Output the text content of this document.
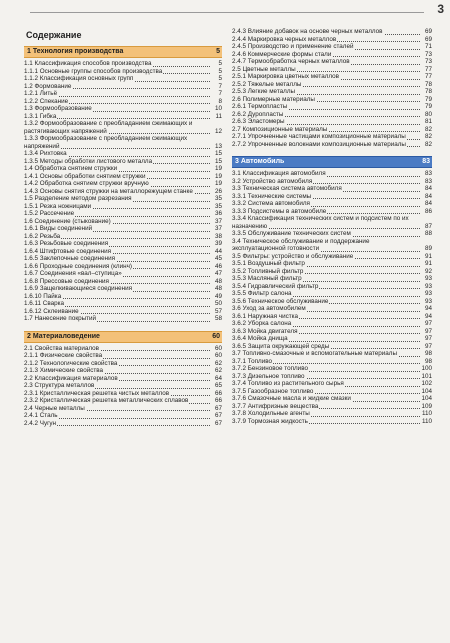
3
Содержание
1 Технология производства	5
1.1 Классификация способов производства	5
1.1.1 Основные группы способов производства	5
1.1.2 Классификация основных групп	5
1.2 Формование	7
1.2.1 Литьё	7
1.2.2 Спекание	8
1.3 Формообразование	10
1.3.1 Гибка	11
1.3.2 Формообразование с преобладанием сжимающих и растягивающих напряжений	12
1.3.3 Формообразование с преобладанием сжимающих напряжений	13
1.3.4 Рихтовка	15
1.3.5 Методы обработки листового металла	15
1.4 Обработка снятием стружки	19
1.4.1 Основы обработки снятием стружки	19
1.4.2 Обработка снятием стружки вручную	19
1.4.3 Основы снятия стружки на металлорежущем станке	26
1.5 Разделение методом разрезания	35
1.5.1 Резка ножницами	35
1.5.2 Рассечение	36
1.6 Соединение (стыкование)	37
1.6.1 Виды соединений	37
1.6.2 Резьба	38
1.6.3 Резьбовые соединения	39
1.6.4 Штифтовые соединения	44
1.6.5 Заклепочные соединения	45
1.6.6 Проходные соединения (клинч)	46
1.6.7 Соединения «вал–ступица»	47
1.6.8 Прессовые соединения	48
1.6.9 Защелкивающиеся соединения	48
1.6.10 Пайка	49
1.6.11 Сварка	50
1.6.12 Склеивание	57
1.7 Нанесение покрытий	58
2 Материаловедение	60
2.1 Свойства материалов	60
2.1.1 Физические свойства	60
2.1.2 Технологические свойства	62
2.1.3 Химические свойства	62
2.2 Классификация материалов	64
2.3 Структура металлов	65
2.3.1 Кристаллическая решетка чистых металлов	66
2.3.2 Кристаллическая решетка металлических сплавов	66
2.4 Черные металлы	67
2.4.1 Сталь	67
2.4.2 Чугун	67
2.4.3 Влияние добавок на основе черных металлов	69
2.4.4 Маркировка черных металлов	69
2.4.5 Производство и применение сталей	71
2.4.6 Коммерческие формы стали	73
2.4.7 Термообработка черных металлов	73
2.5 Цветные металлы	77
2.5.1 Маркировка цветных металлов	77
2.5.2 Тяжелые металлы	78
2.5.3 Легкие металлы	78
2.6 Полимерные материалы	79
2.6.1 Термопласты	79
2.6.2 Дуропласты	80
2.6.3 Эластомеры	81
2.7 Композиционные материалы	82
2.7.1 Упрочненные частицами композиционные материалы	82
2.7.2 Упрочненные волокнами композиционные материалы	82
3 Автомобиль	83
3.1 Классификация автомобиля	83
3.2 Устройство автомобиля	83
3.3 Техническая система автомобиля	84
3.3.1 Технические системы	84
3.3.2 Система автомобиля	84
3.3.3 Подсистемы в автомобиле	86
3.3.4 Классификация технических систем и подсистем по их назначению	87
3.3.5 Обслуживание технических систем	88
3.4 Техническое обслуживание и поддержание эксплуатационной готовности	89
3.5 Фильтры: устройство и обслуживание	91
3.5.1 Воздушный фильтр	91
3.5.2 Топливный фильтр	92
3.5.3 Масляный фильтр	93
3.5.4 Гидравлический фильтр	93
3.5.5 Фильтр салона	93
3.5.6 Техническое обслуживание	93
3.6 Уход за автомобилем	94
3.6.1 Наружная чистка	94
3.6.2 Уборка салона	97
3.6.3 Мойка двигателя	97
3.6.4 Мойка днища	97
3.6.5 Защита окружающей среды	97
3.7 Топливно-смазочные и вспомогательные материалы	98
3.7.1 Топливо	98
3.7.2 Бензиновое топливо	100
3.7.3 Дизельное топливо	101
3.7.4 Топливо из растительного сырья	102
3.7.5 Газообразное топливо	104
3.7.6 Смазочные масла и жидкие смазки	104
3.7.7 Антифризные вещества	109
3.7.8 Холодильные агенты	110
3.7.9 Тормозная жидкость	110
